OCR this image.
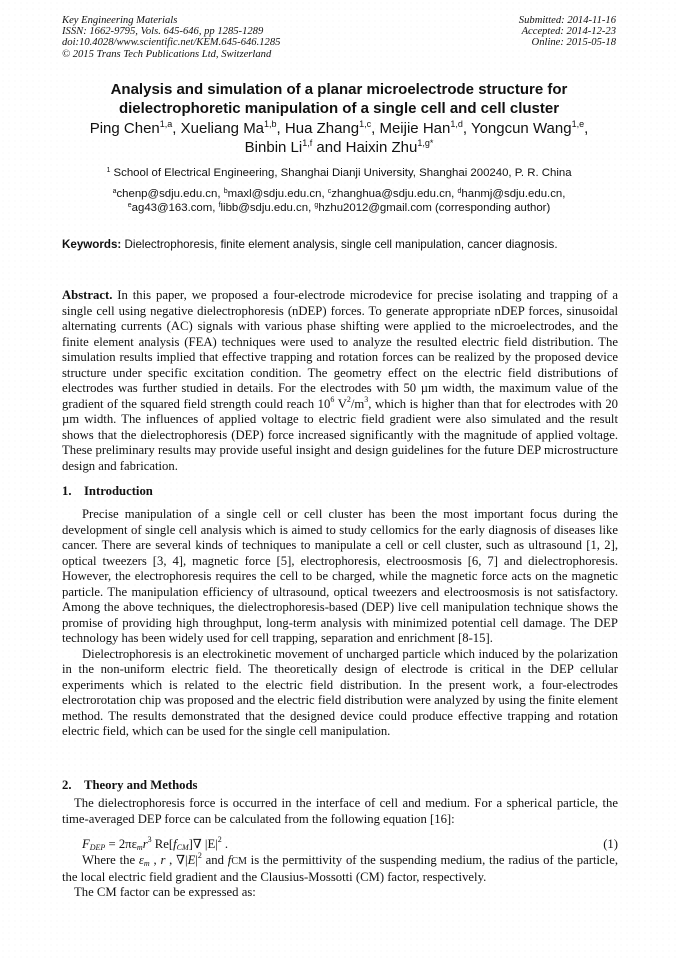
Key Engineering Materials
ISSN: 1662-9795, Vols. 645-646, pp 1285-1289
doi:10.4028/www.scientific.net/KEM.645-646.1285
© 2015 Trans Tech Publications Ltd, Switzerland
Submitted: 2014-11-16
Accepted: 2014-12-23
Online: 2015-05-18
Analysis and simulation of a planar microelectrode structure for
dielectrophoretic manipulation of a single cell and cell cluster
Ping Chen$^{1,a}$, Xueliang Ma$^{1,b}$, Hua Zhang$^{1,c}$, Meijie Han$^{1,d}$, Yongcun Wang$^{1,e}$,
Binbin Li$^{1,f}$ and Haixin Zhu$^{1,g*}$
$^1$ School of Electrical Engineering, Shanghai Dianji University, Shanghai 200240, P. R. China
$^a$chenp@sdju.edu.cn, $^b$maxl@sdju.edu.cn, $^c$zhanghua@sdju.edu.cn, $^d$hanmj@sdju.edu.cn,
$^e$ag43@163.com, $^f$libb@sdju.edu.cn, $^g$hzhu2012@gmail.com (corresponding author)
Keywords: Dielectrophoresis, finite element analysis, single cell manipulation, cancer diagnosis.

Abstract. In this paper, we proposed a four-electrode microdevice for precise isolating and trapping of a single cell using negative dielectrophoresis (nDEP) forces. To generate appropriate nDEP forces, sinusoidal alternating currents (AC) signals with various phase shifting were applied to the microelectrodes, and the finite element analysis (FEA) techniques were used to analyze the resulted electric field distribution. The simulation results implied that effective trapping and rotation forces can be realized by the proposed device structure under specific excitation condition. The geometry effect on the electric field distributions of electrodes was further studied in details. For the electrodes with 50 µm width, the maximum value of the gradient of the squared field strength could reach $10^6$ $V^2/m^3$, which is higher than that for electrodes with 20 µm width. The influences of applied voltage to electric field gradient were also simulated and the result shows that the dielectrophoresis (DEP) force increased significantly with the magnitude of applied voltage. These preliminary results may provide useful insight and design guidelines for the future DEP microstructure design and fabrication.

1. Introduction

Precise manipulation of a single cell or cell cluster has been the most important focus during the development of single cell analysis which is aimed to study cellomics for the early diagnosis of diseases like cancer. There are several kinds of techniques to manipulate a cell or cell cluster, such as ultrasound [1, 2], optical tweezers [3, 4], magnetic force [5], electrophoresis, electroosmosis [6, 7] and dielectrophoresis. However, the electrophoresis requires the cell to be charged, while the magnetic force acts on the magnetic particle. The manipulation efficiency of ultrasound, optical tweezers and electroosmosis is not satisfactory. Among the above techniques, the dielectrophoresis-based (DEP) live cell manipulation technique shows the promise of providing high throughput, long-term analysis with minimized potential cell damage. The DEP technology has been widely used for cell trapping, separation and enrichment [8-15].

Dielectrophoresis is an electrokinetic movement of uncharged particle which induced by the polarization in the non-uniform electric field. The theoretically design of electrode is critical in the DEP cellular experiments which is related to the electric field distribution. In the present work, a four-electrodes electrorotation chip was proposed and the electric field distribution were analyzed by using the finite element method. The results demonstrated that the designed device could produce effective trapping and rotation electric field, which can be used for the single cell manipulation.

2. Theory and Methods

The dielectrophoresis force is occurred in the interface of cell and medium. For a spherical particle, the time-averaged DEP force can be calculated from the following equation [16]:

$F_{DEP} = 2\pi\varepsilon_mr^3$ $Re[f_{CM}]\nabla$ $|E|^2$ .	(1)

Where the $\varepsilon_m$ , r , $\nabla|E|^2$ and fCM is the permittivity of the suspending medium, the radius of the particle, the local electric field gradient and the Clausius-Mossotti (CM) factor, respectively.

The CM factor can be expressed as:
